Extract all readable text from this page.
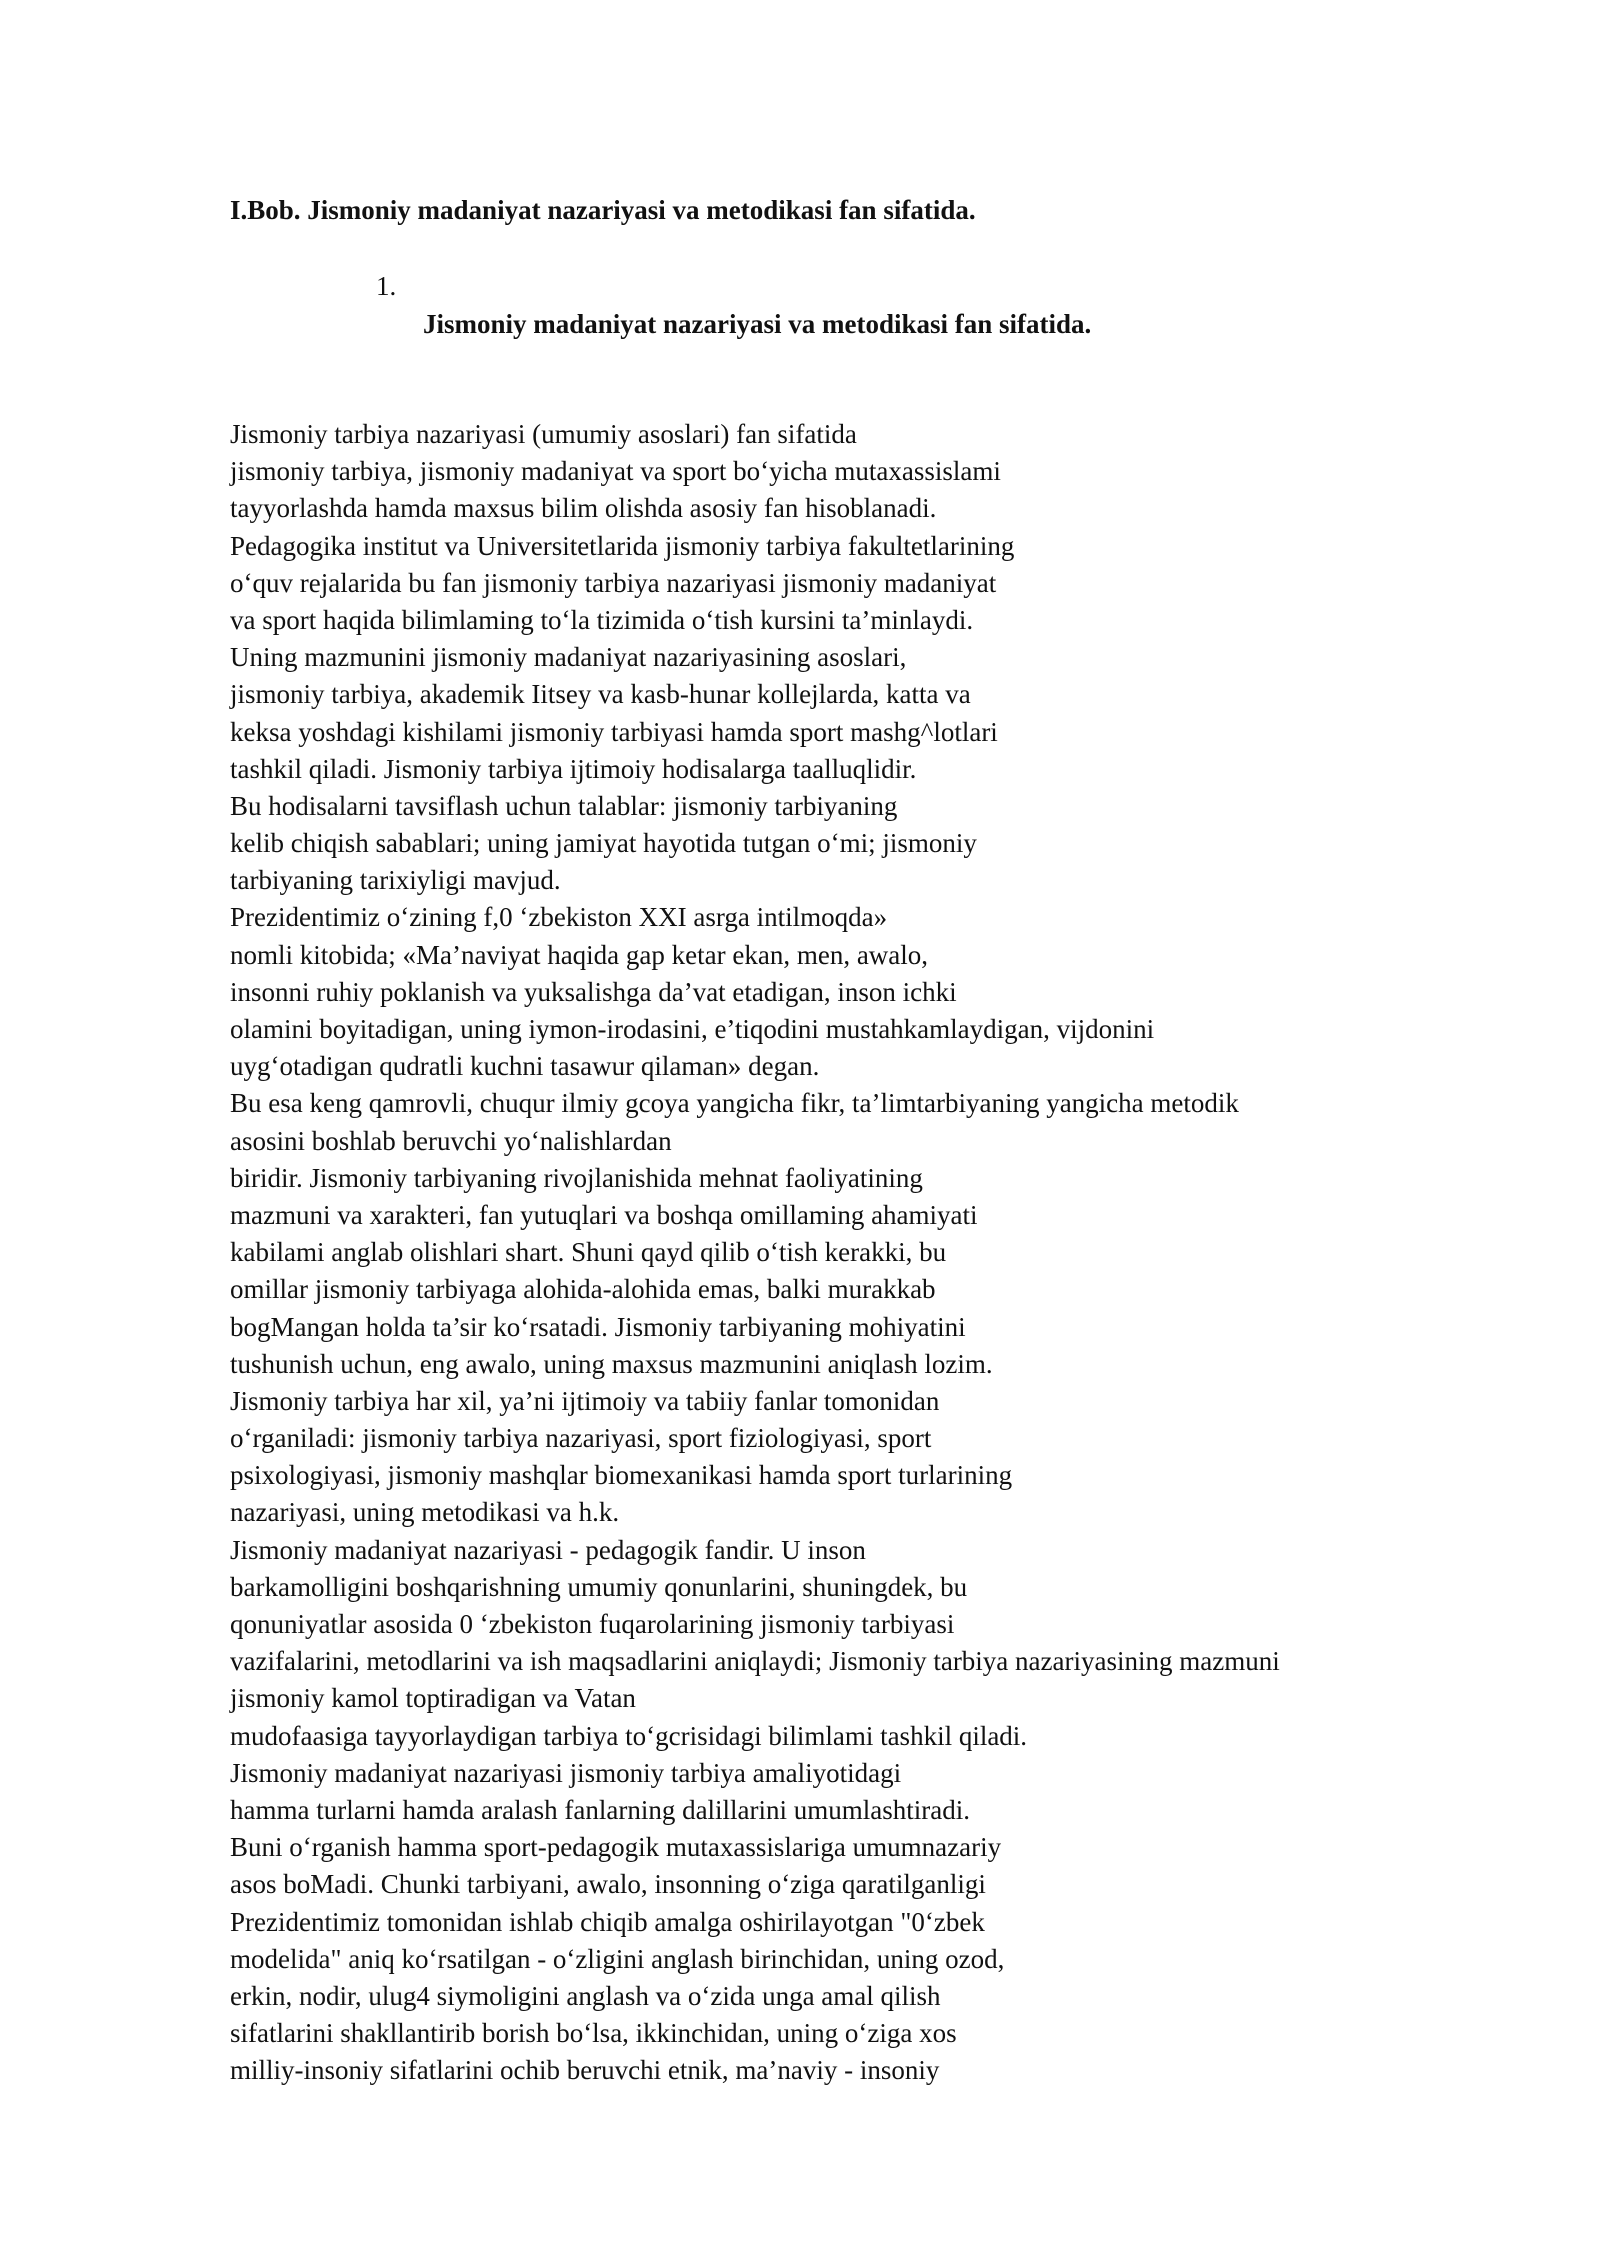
I.Bob. Jismoniy madaniyat nazariyasi va metodikasi fan sifatida.
1.
Jismoniy madaniyat nazariyasi va metodikasi fan sifatida.
Jismoniy tarbiya nazariyasi (umumiy asoslari) fan sifatida
jismoniy tarbiya, jismoniy madaniyat va sport bo‘yicha mutaxassislami
tayyorlashda hamda maxsus bilim olishda asosiy fan hisoblanadi.
Pedagogika institut va Universitetlarida jismoniy tarbiya fakultetlarining
o‘quv rejalarida bu fan jismoniy tarbiya nazariyasi jismoniy madaniyat
va sport haqida bilimlaming to‘la tizimida o‘tish kursini ta’minlaydi.
Uning mazmunini jismoniy madaniyat nazariyasining asoslari,
jismoniy tarbiya, akademik Iitsey va kasb-hunar kollejlarda, katta va
keksa yoshdagi kishilami jismoniy tarbiyasi hamda sport mashg^lotlari
tashkil qiladi. Jismoniy tarbiya ijtimoiy hodisalarga taalluqlidir.
Bu hodisalarni tavsiflash uchun talablar: jismoniy tarbiyaning
kelib chiqish sabablari; uning jamiyat hayotida tutgan o‘mi; jismoniy
tarbiyaning tarixiyligi mavjud.
Prezidentimiz o‘zining f,0 ‘zbekiston XXI asrga intilmoqda»
nomli kitobida; «Ma’naviyat haqida gap ketar ekan, men, awalo,
insonni ruhiy poklanish va yuksalishga da’vat etadigan, inson ichki
olamini boyitadigan, uning iymon-irodasini, e’tiqodini mustahkamlaydigan, vijdonini
uyg‘otadigan qudratli kuchni tasawur qilaman» degan.
Bu esa keng qamrovli, chuqur ilmiy gcoya yangicha fikr, ta’limtarbiyaning yangicha metodik
asosini boshlab beruvchi yo‘nalishlardan
biridir. Jismoniy tarbiyaning rivojlanishida mehnat faoliyatining
mazmuni va xarakteri, fan yutuqlari va boshqa omillaming ahamiyati
kabilami anglab olishlari shart. Shuni qayd qilib o‘tish kerakki, bu
omillar jismoniy tarbiyaga alohida-alohida emas, balki murakkab
bogMangan holda ta’sir ko‘rsatadi. Jismoniy tarbiyaning mohiyatini
tushunish uchun, eng awalo, uning maxsus mazmunini aniqlash lozim.
Jismoniy tarbiya har xil, ya’ni ijtimoiy va tabiiy fanlar tomonidan
o‘rganiladi: jismoniy tarbiya nazariyasi, sport fiziologiyasi, sport
psixologiyasi, jismoniy mashqlar biomexanikasi hamda sport turlarining
nazariyasi, uning metodikasi va h.k.
Jismoniy madaniyat nazariyasi - pedagogik fandir. U inson
barkamolligini boshqarishning umumiy qonunlarini, shuningdek, bu
qonuniyatlar asosida 0 ‘zbekiston fuqarolarining jismoniy tarbiyasi
vazifalarini, metodlarini va ish maqsadlarini aniqlaydi; Jismoniy tarbiya nazariyasining mazmuni
jismoniy kamol toptiradigan va Vatan
mudofaasiga tayyorlaydigan tarbiya to‘gcrisidagi bilimlami tashkil qiladi.
Jismoniy madaniyat nazariyasi jismoniy tarbiya amaliyotidagi
hamma turlarni hamda aralash fanlarning dalillarini umumlashtiradi.
Buni o‘rganish hamma sport-pedagogik mutaxassislariga umumnazariy
asos boMadi. Chunki tarbiyani, awalo, insonning o‘ziga qaratilganligi
Prezidentimiz tomonidan ishlab chiqib amalga oshirilayotgan "0‘zbek
modelida" aniq ko‘rsatilgan - o‘zligini anglash birinchidan, uning ozod,
erkin, nodir, ulug4 siymoligini anglash va o‘zida unga amal qilish
sifatlarini shakllantirib borish bo‘lsa, ikkinchidan, uning o‘ziga xos
milliy-insoniy sifatlarini ochib beruvchi etnik, ma’naviy - insoniy
